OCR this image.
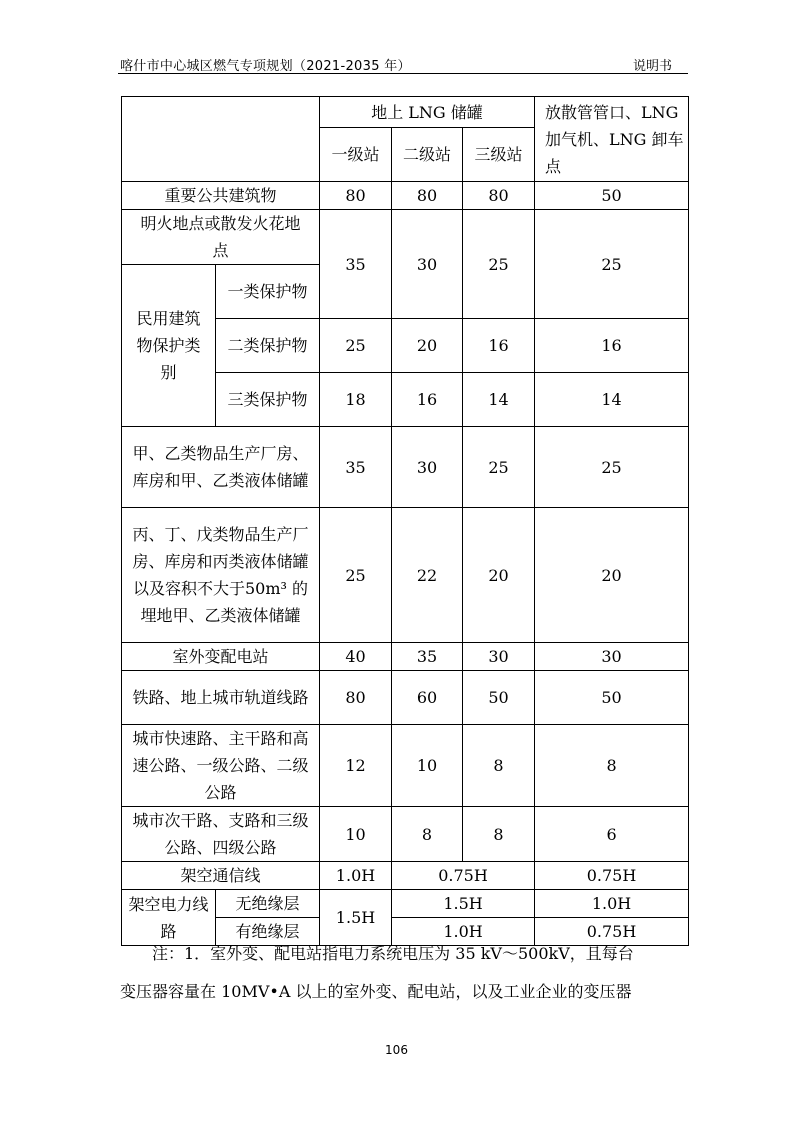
喀什市中心城区燃气专项规划（2021-2035 年）	说明书
		地上 LNG 储罐			放散管管口、LNG 加气机、LNG 卸车点
		一级站	二级站	三级站	
重要公共建筑物		80	80	80	50
明火地点或散发火花地点		35	30	25	25
民用建筑物保护类别	一类保护物				
	二类保护物	25	20	16	16
	三类保护物	18	16	14	14
甲、乙类物品生产厂房、 库房和甲、乙类液体储罐		35	30	25	25
丙、丁、戊类物品生产厂房、库房和丙类液体储罐以及容积不大于50m³ 的埋地甲、乙类液体储罐		25	22	20	20
室外变配电站		40	35	30	30
铁路、地上城市轨道线路		80	60	50	50
城市快速路、主干路和高速公路、一级公路、二级公路		12	10	8	8
城市次干路、支路和三级公路、四级公路		10	8	8	6
架空通信线		1.0H	0.75H		0.75H
架空电力线路	无绝缘层	1.5H	1.5H		1.0H
	有绝缘层		1.0H		0.75H
注：1．室外变、配电站指电力系统电压为 35 kV～500kV，且每台
变压器容量在 10MV•A 以上的室外变、配电站，以及工业企业的变压器
106
